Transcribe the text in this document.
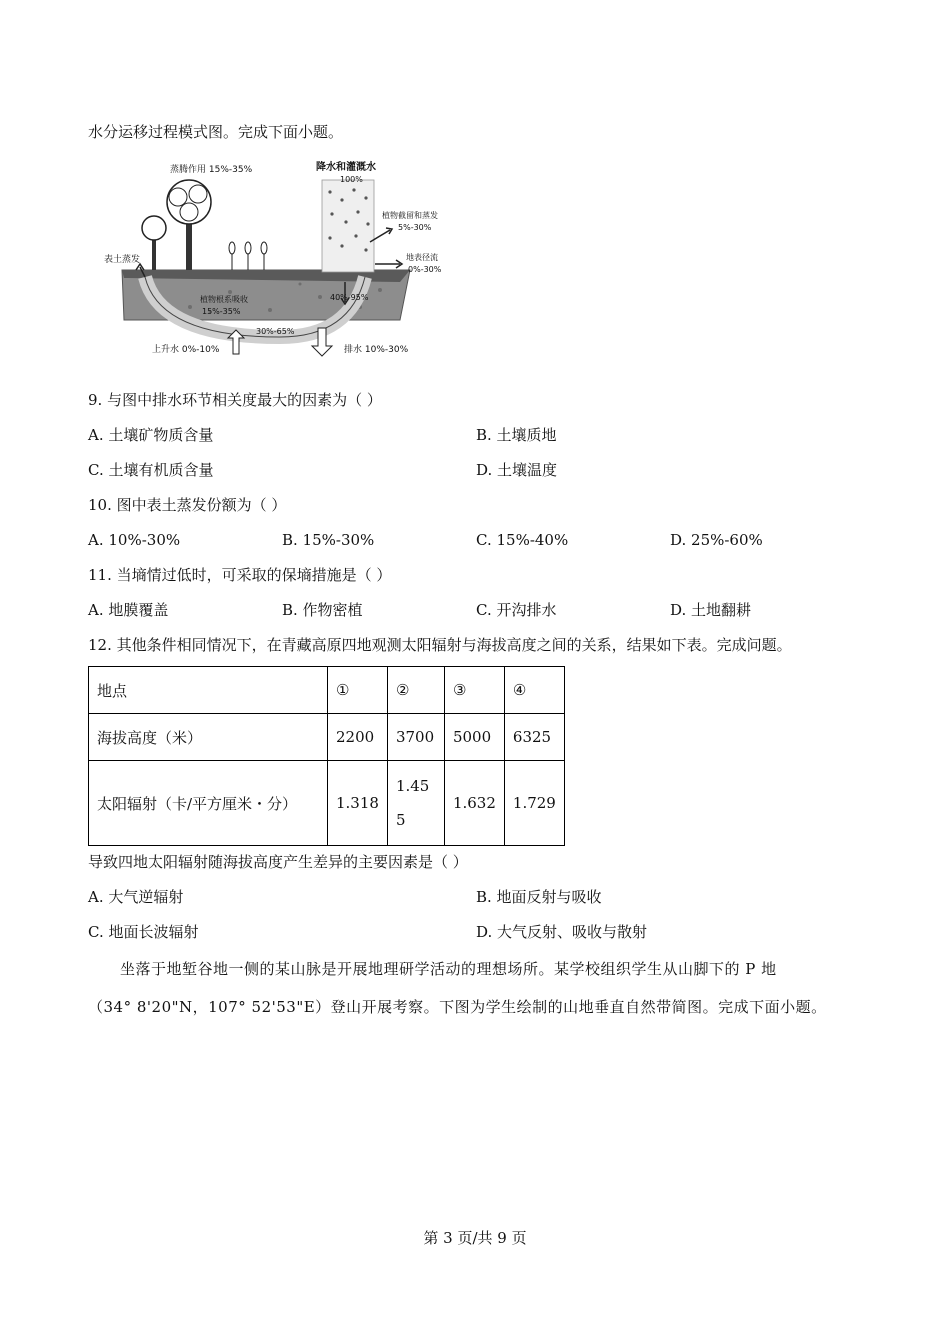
水分运移过程模式图。完成下面小题。
蒸腾作用 15%-35%	降水和灌溉水
100%
植物截留和蒸发
5%-30%
表土蒸发	地表径流
0%-30%
植物根系吸收
15%-35%
40%-95%
30%-65%
上升水 0%-10%	排水 10%-30%
9. 与图中排水环节相关度最大的因素为（ ）
A. 土壤矿物质含量	B. 土壤质地
C. 土壤有机质含量	D. 土壤温度
10. 图中表土蒸发份额为（ ）
A. 10%-30%	B. 15%-30%	C. 15%-40%	D. 25%-60%
11. 当墒情过低时，可采取的保墒措施是（ ）
A. 地膜覆盖	B. 作物密植	C. 开沟排水	D. 土地翻耕
12. 其他条件相同情况下，在青藏高原四地观测太阳辐射与海拔高度之间的关系，结果如下表。完成问题。
地点	①	②	③	④
海拔高度（米）	2200	3700	5000	6325
太阳辐射（卡/平方厘米・分）	1.318	1.455	1.632	1.729
导致四地太阳辐射随海拔高度产生差异的主要因素是（ ）
A. 大气逆辐射	B. 地面反射与吸收
C. 地面长波辐射	D. 大气反射、吸收与散射
坐落于地堑谷地一侧的某山脉是开展地理研学活动的理想场所。某学校组织学生从山脚下的 P 地
（34° 8'20"N，107° 52'53"E）登山开展考察。下图为学生绘制的山地垂直自然带简图。完成下面小题。
第 3 页/共 9 页
